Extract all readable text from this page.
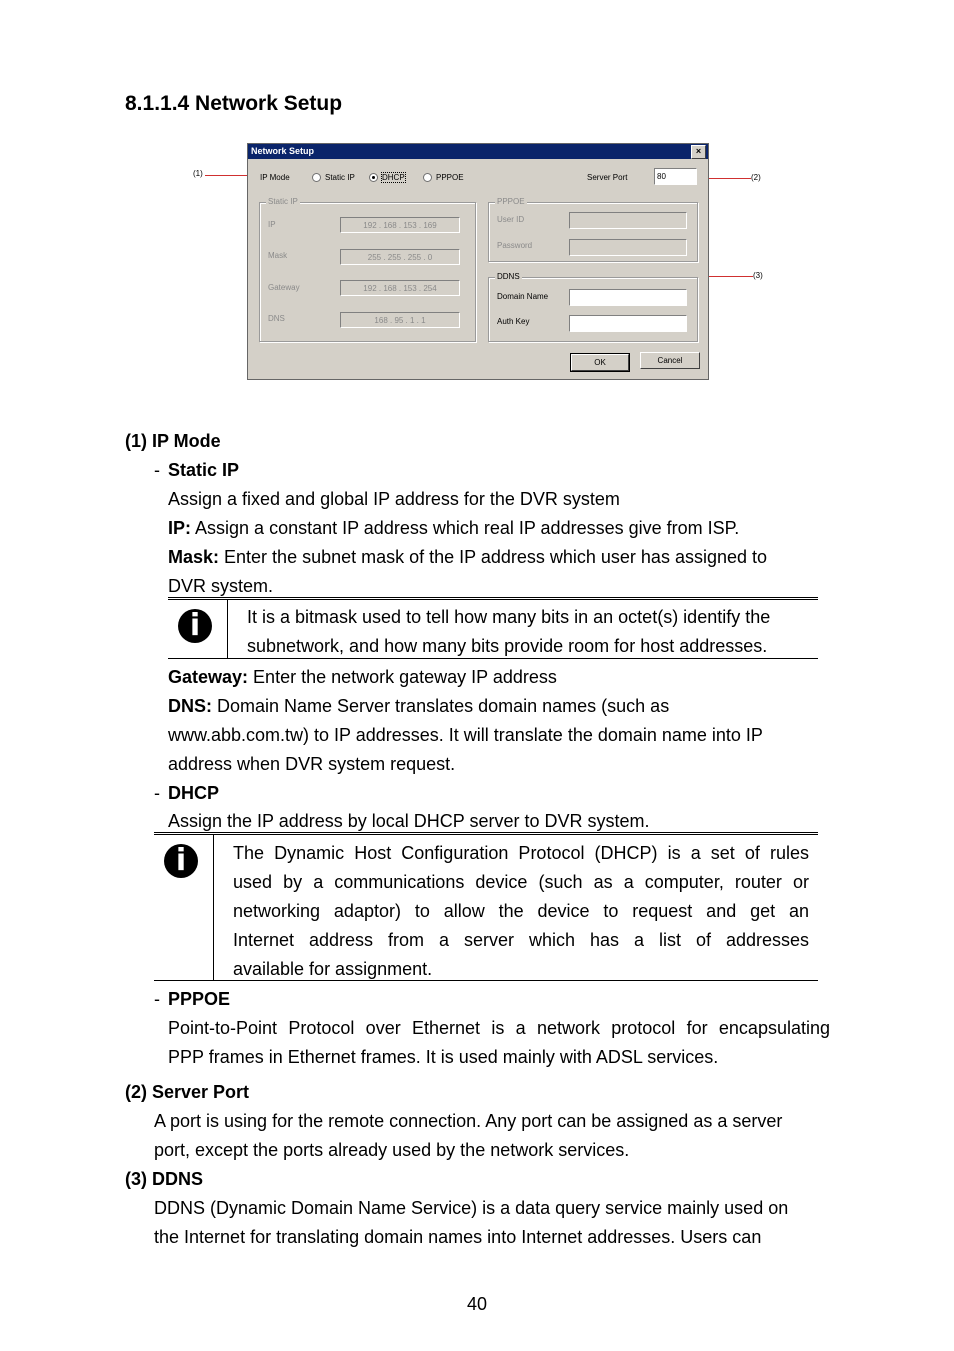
8.1.1.4 Network Setup
(1)	(2)
(3)
Network Setup	×
IP Mode	Static IP	DHCP	PPPOE	Server Port	80
Static IP
IP	192 . 168 . 153 . 169
Mask	255 . 255 . 255 . 0
Gateway	192 . 168 . 153 . 254
DNS	168 . 95 . 1 . 1
PPPOE
User ID
Password
DDNS
Domain Name
Auth Key
OK	Cancel
(1) IP Mode
- Static IP
Assign a fixed and global IP address for the DVR system
IP: Assign a constant IP address which real IP addresses give from ISP.
Mask: Enter the subnet mask of the IP address which user has assigned to
DVR system.
i	It is a bitmask used to tell how many bits in an octet(s) identify the
subnetwork, and how many bits provide room for host addresses.
Gateway: Enter the network gateway IP address
DNS: Domain Name Server translates domain names (such as
www.abb.com.tw) to IP addresses. It will translate the domain name into IP
address when DVR system request.
- DHCP
Assign the IP address by local DHCP server to DVR system.
i	The Dynamic Host Configuration Protocol (DHCP) is a set of rules
used by a communications device (such as a computer, router or
networking adaptor) to allow the device to request and get an
Internet address from a server which has a list of addresses
available for assignment.
- PPPOE
Point-to-Point Protocol over Ethernet is a network protocol for encapsulating
PPP frames in Ethernet frames. It is used mainly with ADSL services.
(2) Server Port
A port is using for the remote connection. Any port can be assigned as a server
port, except the ports already used by the network services.
(3) DDNS
DDNS (Dynamic Domain Name Service) is a data query service mainly used on
the Internet for translating domain names into Internet addresses. Users can
40
